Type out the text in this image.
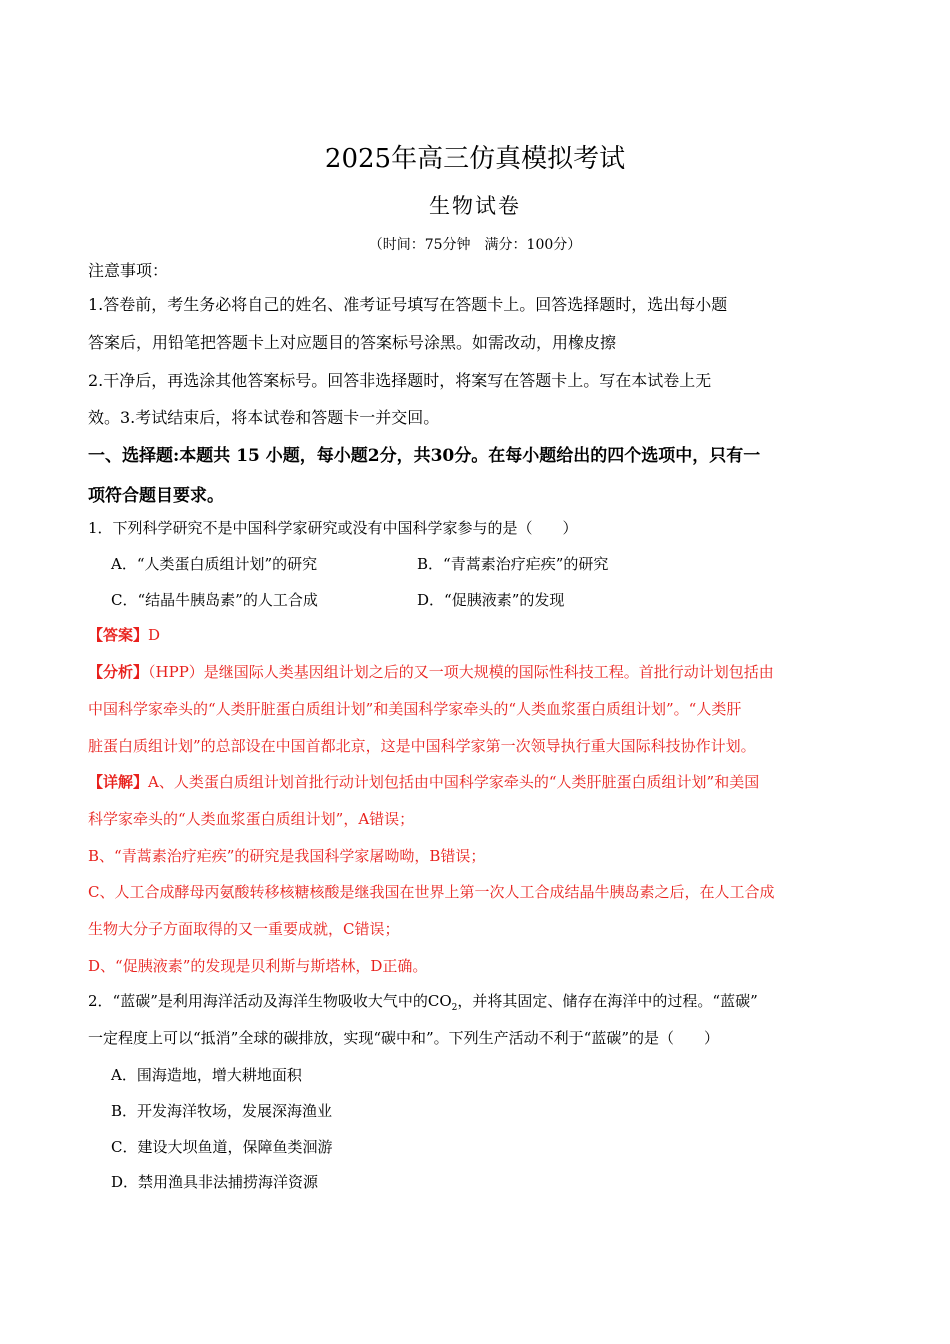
2025年高三仿真模拟考试
生物试卷
（时间：75分钟　满分：100分）
注意事项：
1.答卷前，考生务必将自己的姓名、准考证号填写在答题卡上。回答选择题时，选出每小题
答案后，用铅笔把答题卡上对应题目的答案标号涂黑。如需改动，用橡皮擦
2.干净后，再选涂其他答案标号。回答非选择题时，将案写在答题卡上。写在本试卷上无
效。3.考试结束后，将本试卷和答题卡一并交回。
一、选择题:本题共 15 小题，每小题2分，共30分。在每小题给出的四个选项中，只有一
项符合题目要求。
1．下列科学研究不是中国科学家研究或没有中国科学家参与的是（　　）
A．“人类蛋白质组计划”的研究	B．“青蒿素治疗疟疾”的研究
C．“结晶牛胰岛素”的人工合成	D．“促胰液素”的发现
【答案】D
【分析】（HPP）是继国际人类基因组计划之后的又一项大规模的国际性科技工程。首批行动计划包括由
中国科学家牵头的“人类肝脏蛋白质组计划”和美国科学家牵头的“人类血浆蛋白质组计划”。“人类肝
脏蛋白质组计划”的总部设在中国首都北京，这是中国科学家第一次领导执行重大国际科技协作计划。
【详解】A、人类蛋白质组计划首批行动计划包括由中国科学家牵头的“人类肝脏蛋白质组计划”和美国
科学家牵头的“人类血浆蛋白质组计划”，A错误；
B、“青蒿素治疗疟疾”的研究是我国科学家屠呦呦，B错误；
C、人工合成酵母丙氨酸转移核糖核酸是继我国在世界上第一次人工合成结晶牛胰岛素之后，在人工合成
生物大分子方面取得的又一重要成就，C错误；
D、“促胰液素”的发现是贝利斯与斯塔林，D正确。
2．“蓝碳”是利用海洋活动及海洋生物吸收大气中的$CO_2$，并将其固定、储存在海洋中的过程。“蓝碳”
一定程度上可以“抵消”全球的碳排放，实现“碳中和”。下列生产活动不利于“蓝碳”的是（　　）
A．围海造地，增大耕地面积
B．开发海洋牧场，发展深海渔业
C．建设大坝鱼道，保障鱼类洄游
D．禁用渔具非法捕捞海洋资源
